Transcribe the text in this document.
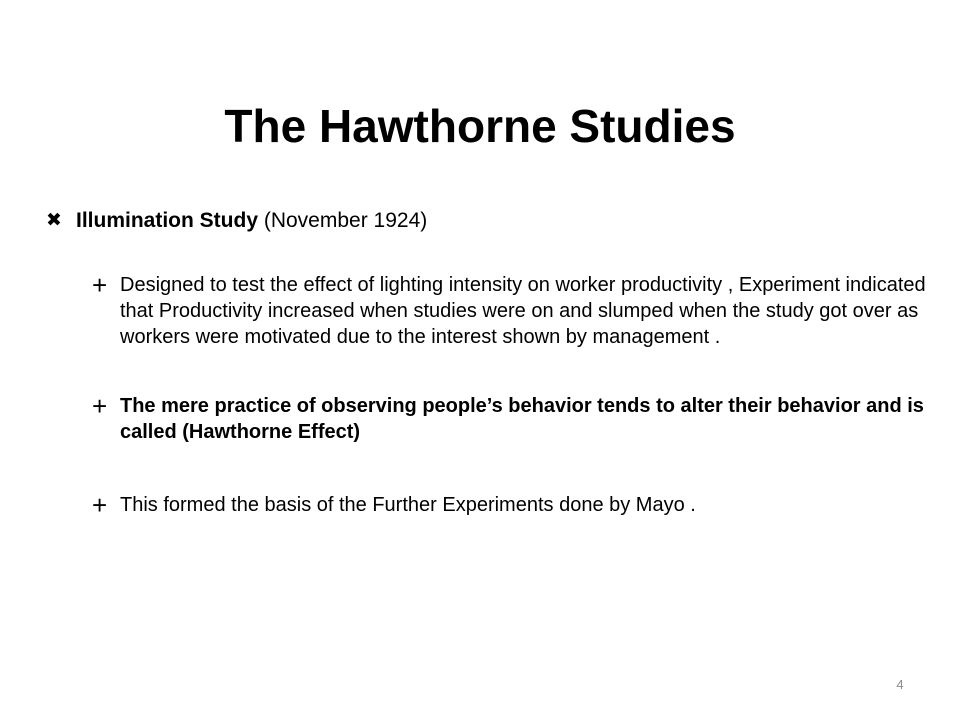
The Hawthorne Studies
✖ Illumination Study (November 1924)
+ Designed to test the effect of lighting intensity on worker productivity , Experiment indicated that Productivity increased when studies were on and slumped when the study got over as workers were motivated due to the interest shown by management .
+ The mere practice of observing people’s behavior tends to alter their behavior and is called (Hawthorne Effect)
+ This formed the basis of the Further Experiments done by Mayo .
4
